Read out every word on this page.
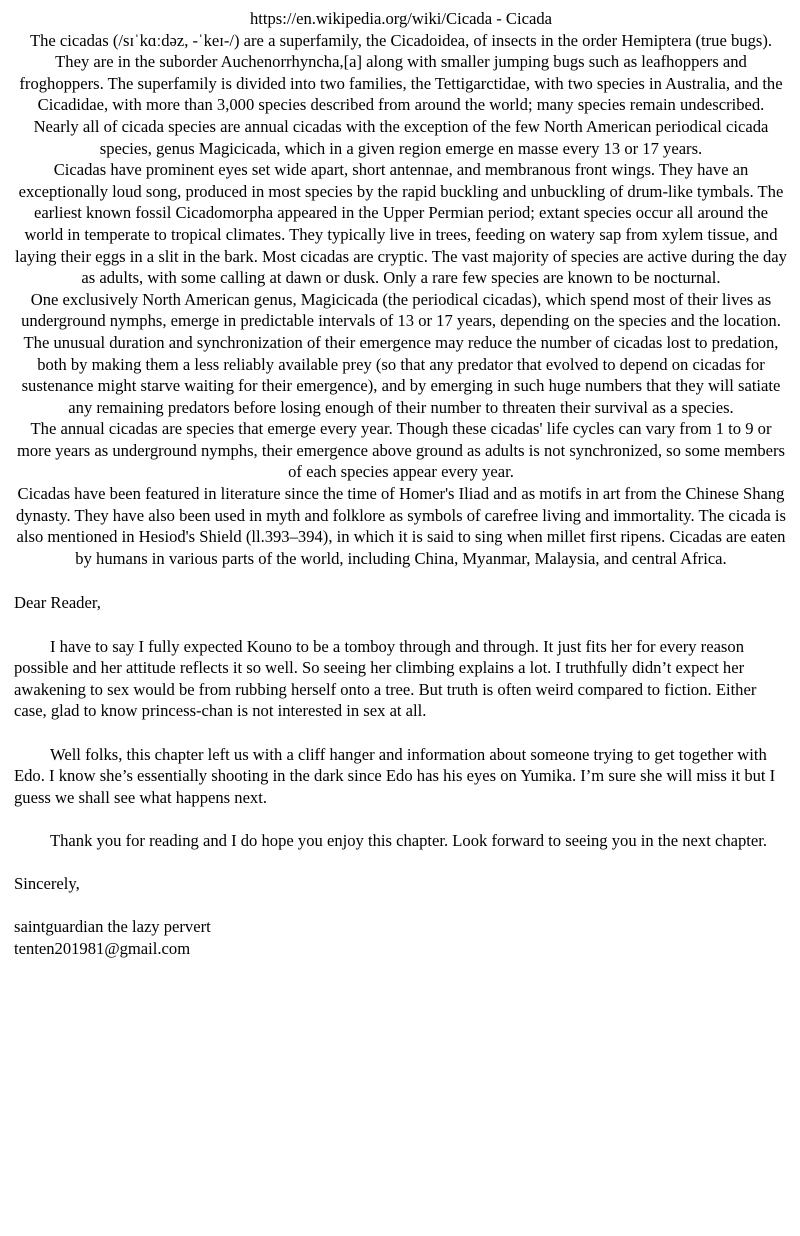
https://en.wikipedia.org/wiki/Cicada - Cicada

The cicadas (/sɪˈkɑːdəz, -ˈkeɪ-/) are a superfamily, the Cicadoidea, of insects in the order Hemiptera (true bugs). They are in the suborder Auchenorrhyncha,[a] along with smaller jumping bugs such as leafhoppers and froghoppers. The superfamily is divided into two families, the Tettigarctidae, with two species in Australia, and the Cicadidae, with more than 3,000 species described from around the world; many species remain undescribed. Nearly all of cicada species are annual cicadas with the exception of the few North American periodical cicada species, genus Magicicada, which in a given region emerge en masse every 13 or 17 years.

Cicadas have prominent eyes set wide apart, short antennae, and membranous front wings. They have an exceptionally loud song, produced in most species by the rapid buckling and unbuckling of drum-like tymbals. The earliest known fossil Cicadomorpha appeared in the Upper Permian period; extant species occur all around the world in temperate to tropical climates. They typically live in trees, feeding on watery sap from xylem tissue, and laying their eggs in a slit in the bark. Most cicadas are cryptic. The vast majority of species are active during the day as adults, with some calling at dawn or dusk. Only a rare few species are known to be nocturnal.

One exclusively North American genus, Magicicada (the periodical cicadas), which spend most of their lives as underground nymphs, emerge in predictable intervals of 13 or 17 years, depending on the species and the location. The unusual duration and synchronization of their emergence may reduce the number of cicadas lost to predation, both by making them a less reliably available prey (so that any predator that evolved to depend on cicadas for sustenance might starve waiting for their emergence), and by emerging in such huge numbers that they will satiate any remaining predators before losing enough of their number to threaten their survival as a species.

The annual cicadas are species that emerge every year. Though these cicadas' life cycles can vary from 1 to 9 or more years as underground nymphs, their emergence above ground as adults is not synchronized, so some members of each species appear every year.

Cicadas have been featured in literature since the time of Homer's Iliad and as motifs in art from the Chinese Shang dynasty. They have also been used in myth and folklore as symbols of carefree living and immortality. The cicada is also mentioned in Hesiod's Shield (ll.393–394), in which it is said to sing when millet first ripens. Cicadas are eaten by humans in various parts of the world, including China, Myanmar, Malaysia, and central Africa.

Dear Reader,

I have to say I fully expected Kouno to be a tomboy through and through. It just fits her for every reason possible and her attitude reflects it so well. So seeing her climbing explains a lot. I truthfully didn’t expect her awakening to sex would be from rubbing herself onto a tree. But truth is often weird compared to fiction. Either case, glad to know princess-chan is not interested in sex at all.

Well folks, this chapter left us with a cliff hanger and information about someone trying to get together with Edo. I know she’s essentially shooting in the dark since Edo has his eyes on Yumika. I’m sure she will miss it but I guess we shall see what happens next.

Thank you for reading and I do hope you enjoy this chapter. Look forward to seeing you in the next chapter.

Sincerely,

saintguardian the lazy pervert

tenten201981@gmail.com
